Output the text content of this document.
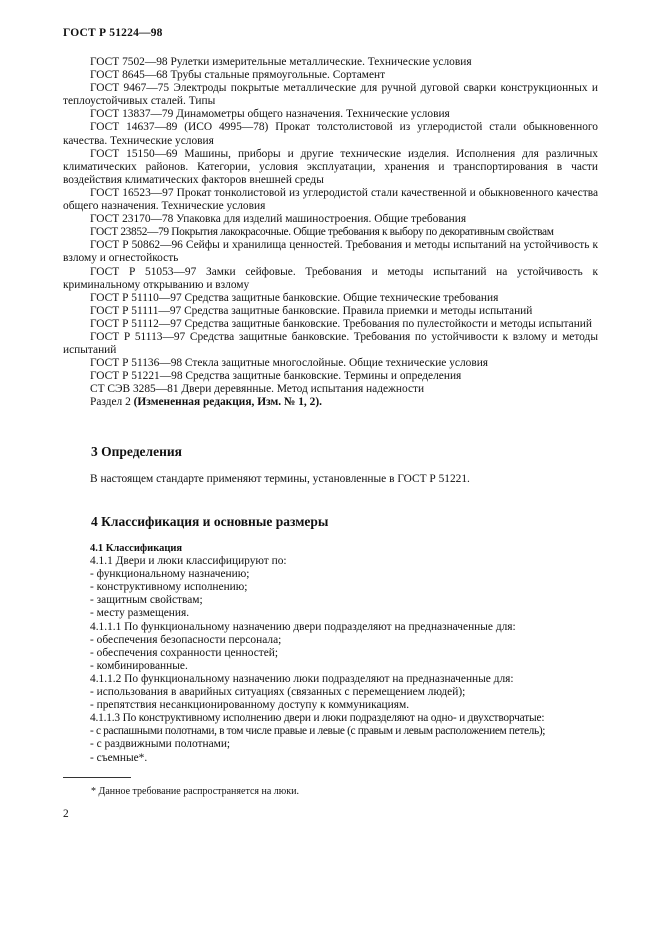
ГОСТ Р 51224—98

ГОСТ 7502—98 Рулетки измерительные металлические. Технические условия

ГОСТ 8645—68 Трубы стальные прямоугольные. Сортамент

ГОСТ 9467—75 Электроды покрытые металлические для ручной дуговой сварки конструкционных и теплоустойчивых сталей. Типы

ГОСТ 13837—79 Динамометры общего назначения. Технические условия

ГОСТ 14637—89 (ИСО 4995—78) Прокат толстолистовой из углеродистой стали обыкновенного качества. Технические условия

ГОСТ 15150—69 Машины, приборы и другие технические изделия. Исполнения для различных климатических районов. Категории, условия эксплуатации, хранения и транспортирования в части воздействия климатических факторов внешней среды

ГОСТ 16523—97 Прокат тонколистовой из углеродистой стали качественной и обыкновенного качества общего назначения. Технические условия

ГОСТ 23170—78 Упаковка для изделий машиностроения. Общие требования

ГОСТ 23852—79 Покрытия лакокрасочные. Общие требования к выбору по декоративным свойствам

ГОСТ Р 50862—96 Сейфы и хранилища ценностей. Требования и методы испытаний на устойчивость к взлому и огнестойкость

ГОСТ Р 51053—97 Замки сейфовые. Требования и методы испытаний на устойчивость к криминальному открыванию и взлому

ГОСТ Р 51110—97 Средства защитные банковские. Общие технические требования

ГОСТ Р 51111—97 Средства защитные банковские. Правила приемки и методы испытаний

ГОСТ Р 51112—97 Средства защитные банковские. Требования по пулестойкости и методы испытаний

ГОСТ Р 51113—97 Средства защитные банковские. Требования по устойчивости к взлому и методы испытаний

ГОСТ Р 51136—98 Стекла защитные многослойные. Общие технические условия

ГОСТ Р 51221—98 Средства защитные банковские. Термины и определения

СТ СЭВ 3285—81 Двери деревянные. Метод испытания надежности

Раздел 2 (Измененная редакция, Изм. № 1, 2).

3 Определения

В настоящем стандарте применяют термины, установленные в ГОСТ Р 51221.

4 Классификация и основные размеры

4.1 Классификация

4.1.1 Двери и люки классифицируют по:

- функциональному назначению;

- конструктивному исполнению;

- защитным свойствам;

- месту размещения.

4.1.1.1 По функциональному назначению двери подразделяют на предназначенные для:

- обеспечения безопасности персонала;

- обеспечения сохранности ценностей;

- комбинированные.

4.1.1.2 По функциональному назначению люки подразделяют на предназначенные для:

- использования в аварийных ситуациях (связанных с перемещением людей);

- препятствия несанкционированному доступу к коммуникациям.

4.1.1.3 По конструктивному исполнению двери и люки подразделяют на одно- и двухстворчатые:

- с распашными полотнами, в том числе правые и левые (с правым и левым расположением петель);

- с раздвижными полотнами;

- съемные*.

* Данное требование распространяется на люки.
2
